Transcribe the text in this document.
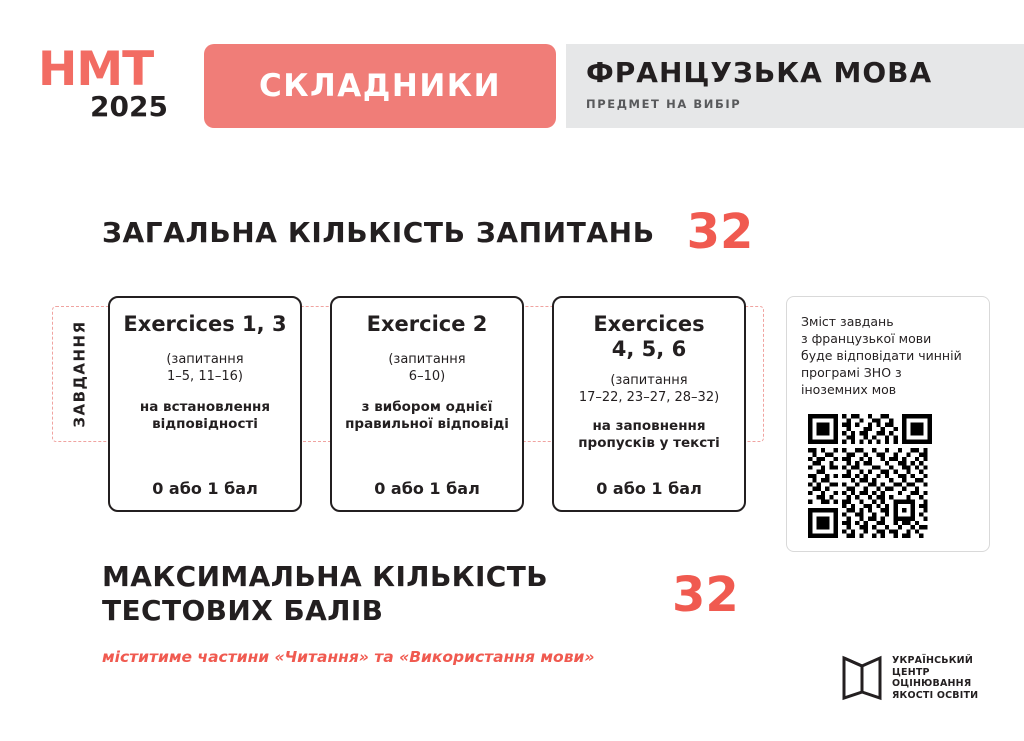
НМТ
2025
СКЛАДНИКИ	ФРАНЦУЗЬКА МОВА
ПРЕДМЕТ НА ВИБІР
ЗАГАЛЬНА КІЛЬКІСТЬ ЗАПИТАНЬ 32
ЗАВДАННЯ Exercices 1, 3
(запитання
1–5, 11–16)
на встановлення
відповідності
0 або 1 бал
Exercice 2
(запитання
6–10)
з вибором однієї
правильної відповіді
0 або 1 бал
Exercices
4, 5, 6
(запитання
17–22, 23–27, 28–32)
на заповнення
пропусків у тексті
0 або 1 бал
Зміст завдань
з французької мови
буде відповідати чинній
програмі ЗНО з
іноземних мов
МАКСИМАЛЬНА КІЛЬКІСТЬ
ТЕСТОВИХ БАЛІВ	32
міститиме частини «Читання» та «Використання мови»	УКРАЇНСЬКИЙ
ЦЕНТР
ОЦІНЮВАННЯ
ЯКОСТІ ОСВІТИ
